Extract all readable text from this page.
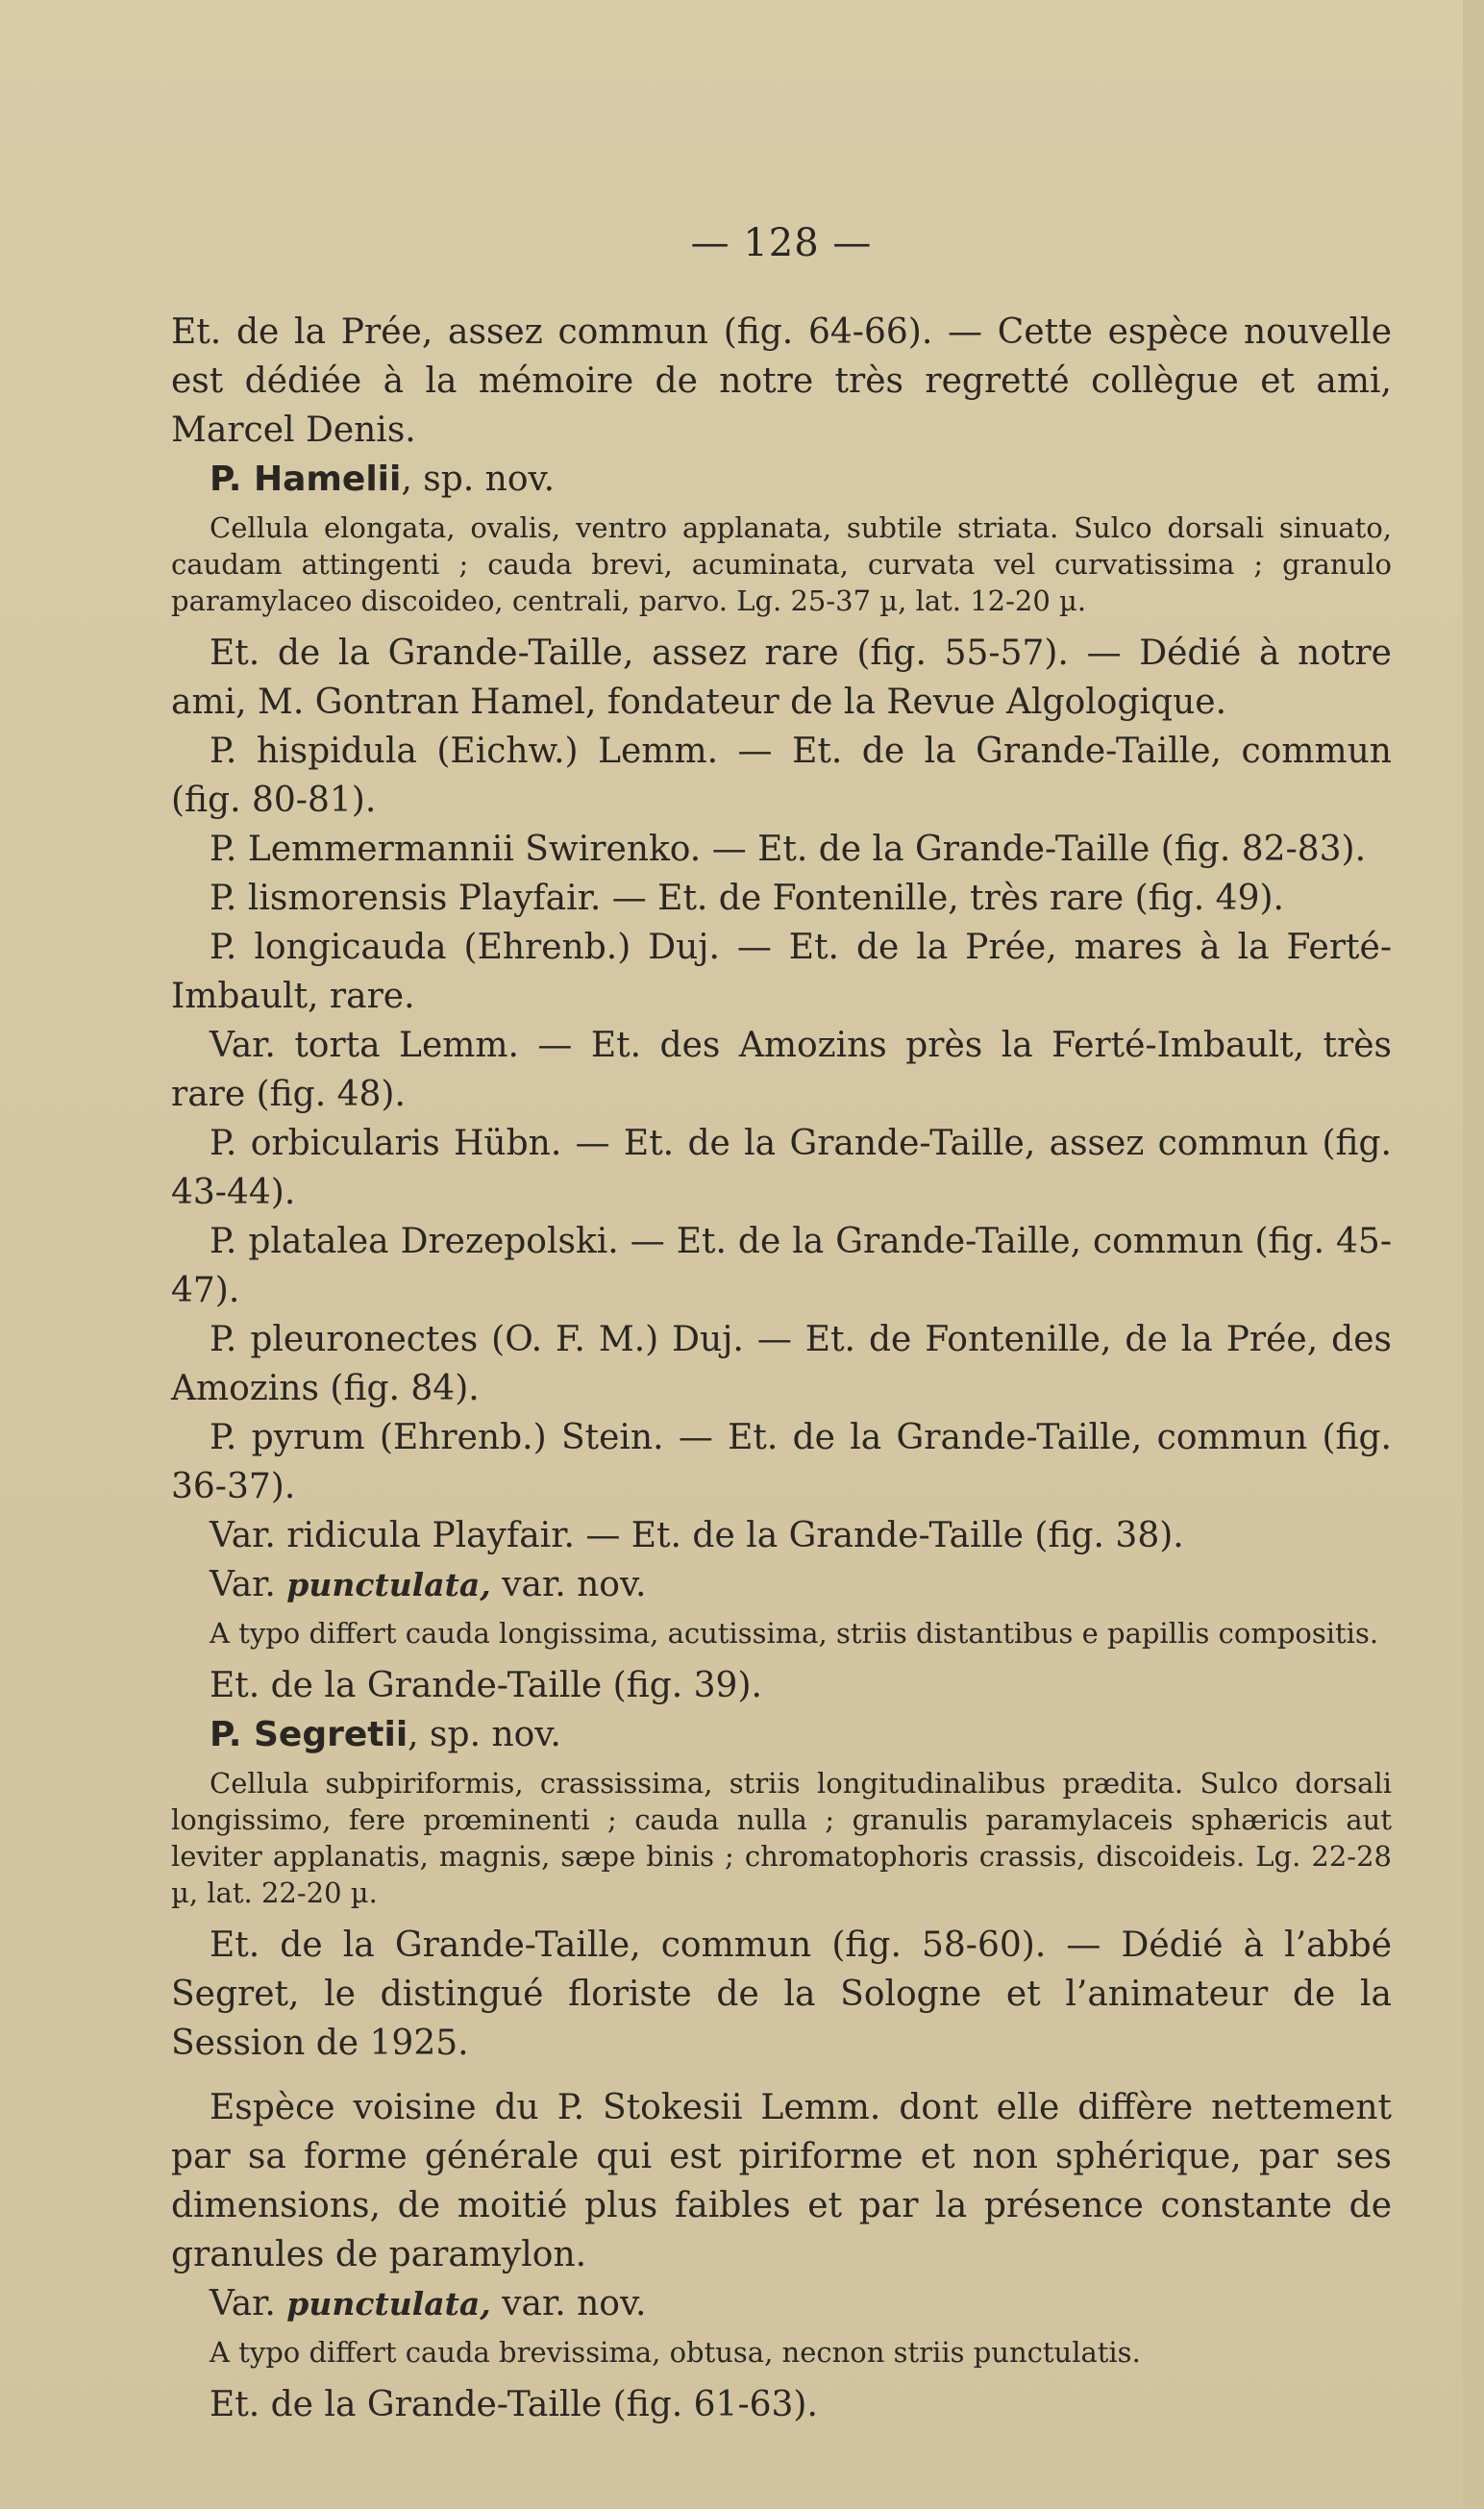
— 128 —

Et. de la Prée, assez commun (fig. 64-66). — Cette espèce nouvelle est dédiée à la mémoire de notre très regretté collègue et ami, Marcel Denis.

P. Hamelii, sp. nov.

Cellula elongata, ovalis, ventro applanata, subtile striata. Sulco dorsali sinuato, caudam attingenti ; cauda brevi, acuminata, curvata vel curvatissima ; granulo paramylaceo discoideo, centrali, parvo. Lg. 25-37 µ, lat. 12-20 µ.

Et. de la Grande-Taille, assez rare (fig. 55-57). — Dédié à notre ami, M. Gontran Hamel, fondateur de la Revue Algologique.

P. hispidula (Eichw.) Lemm. — Et. de la Grande-Taille, commun (fig. 80-81).

P. Lemmermannii Swirenko. — Et. de la Grande-Taille (fig. 82-83).

P. lismorensis Playfair. — Et. de Fontenille, très rare (fig. 49).

P. longicauda (Ehrenb.) Duj. — Et. de la Prée, mares à la Ferté-Imbault, rare.

Var. torta Lemm. — Et. des Amozins près la Ferté-Imbault, très rare (fig. 48).

P. orbicularis Hübn. — Et. de la Grande-Taille, assez commun (fig. 43-44).

P. platalea Drezepolski. — Et. de la Grande-Taille, commun (fig. 45-47).

P. pleuronectes (O. F. M.) Duj. — Et. de Fontenille, de la Prée, des Amozins (fig. 84).

P. pyrum (Ehrenb.) Stein. — Et. de la Grande-Taille, commun (fig. 36-37).

Var. ridicula Playfair. — Et. de la Grande-Taille (fig. 38).

Var. punctulata, var. nov.

A typo differt cauda longissima, acutissima, striis distantibus e papillis compositis.

Et. de la Grande-Taille (fig. 39).

P. Segretii, sp. nov.

Cellula subpiriformis, crassissima, striis longitudinalibus prædita. Sulco dorsali longissimo, fere prœminenti ; cauda nulla ; granulis paramylaceis sphæricis aut leviter applanatis, magnis, sæpe binis ; chromatophoris crassis, discoideis. Lg. 22-28 µ, lat. 22-20 µ.

Et. de la Grande-Taille, commun (fig. 58-60). — Dédié à l’abbé Segret, le distingué floriste de la Sologne et l’animateur de la Session de 1925.

Espèce voisine du P. Stokesii Lemm. dont elle diffère nettement par sa forme générale qui est piriforme et non sphérique, par ses dimensions, de moitié plus faibles et par la présence constante de granules de paramylon.

Var. punctulata, var. nov.

A typo differt cauda brevissima, obtusa, necnon striis punctulatis.

Et. de la Grande-Taille (fig. 61-63).
